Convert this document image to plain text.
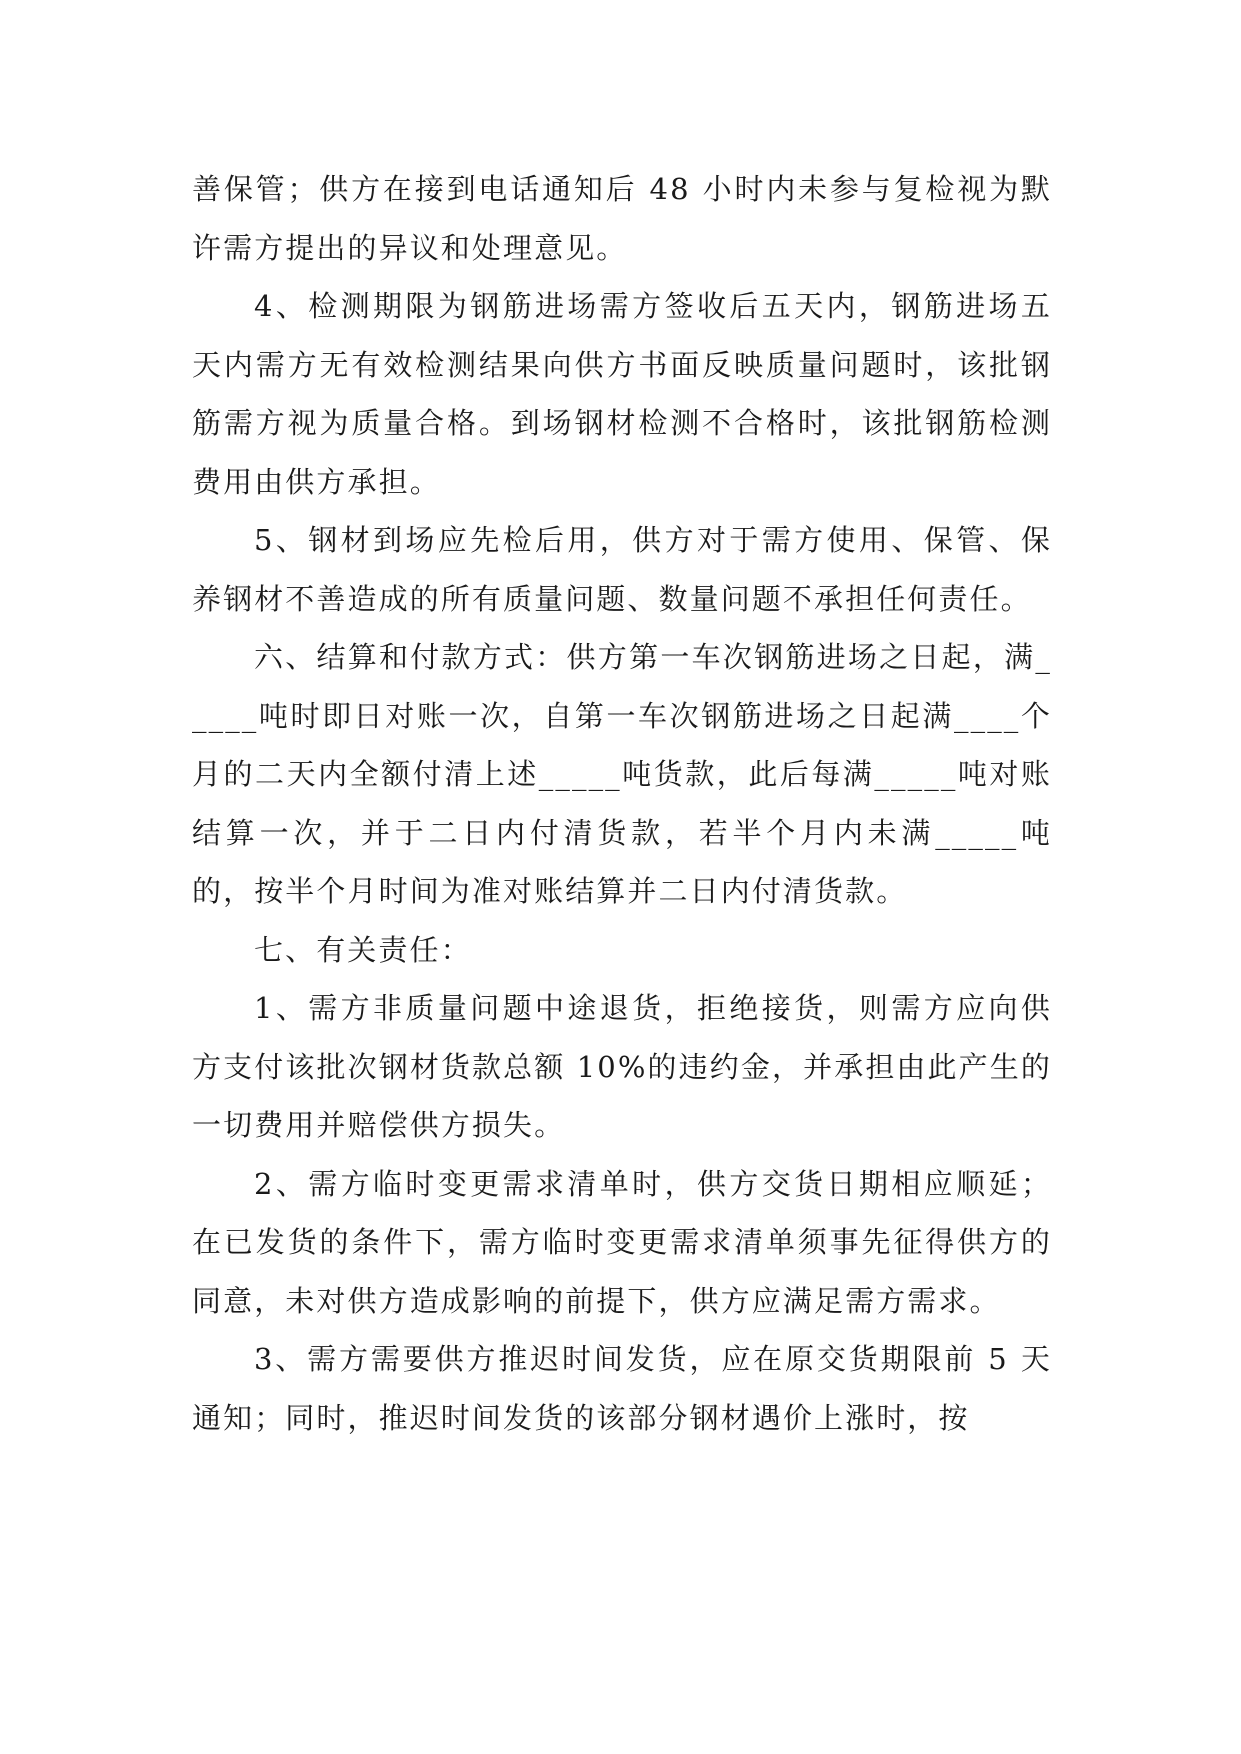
善保管；供方在接到电话通知后 48 小时内未参与复检视为默许需方提出的异议和处理意见。

4、检测期限为钢筋进场需方签收后五天内，钢筋进场五天内需方无有效检测结果向供方书面反映质量问题时，该批钢筋需方视为质量合格。到场钢材检测不合格时，该批钢筋检测费用由供方承担。

5、钢材到场应先检后用，供方对于需方使用、保管、保养钢材不善造成的所有质量问题、数量问题不承担任何责任。

六、结算和付款方式：供方第一车次钢筋进场之日起，满_____吨时即日对账一次，自第一车次钢筋进场之日起满____个月的二天内全额付清上述_____吨货款，此后每满_____吨对账结算一次，并于二日内付清货款，若半个月内未满_____吨的，按半个月时间为准对账结算并二日内付清货款。

七、有关责任：

1、需方非质量问题中途退货，拒绝接货，则需方应向供方支付该批次钢材货款总额 10%的违约金，并承担由此产生的一切费用并赔偿供方损失。

2、需方临时变更需求清单时，供方交货日期相应顺延；在已发货的条件下，需方临时变更需求清单须事先征得供方的同意，未对供方造成影响的前提下，供方应满足需方需求。

3、需方需要供方推迟时间发货，应在原交货期限前 5 天通知；同时，推迟时间发货的该部分钢材遇价上涨时，按
